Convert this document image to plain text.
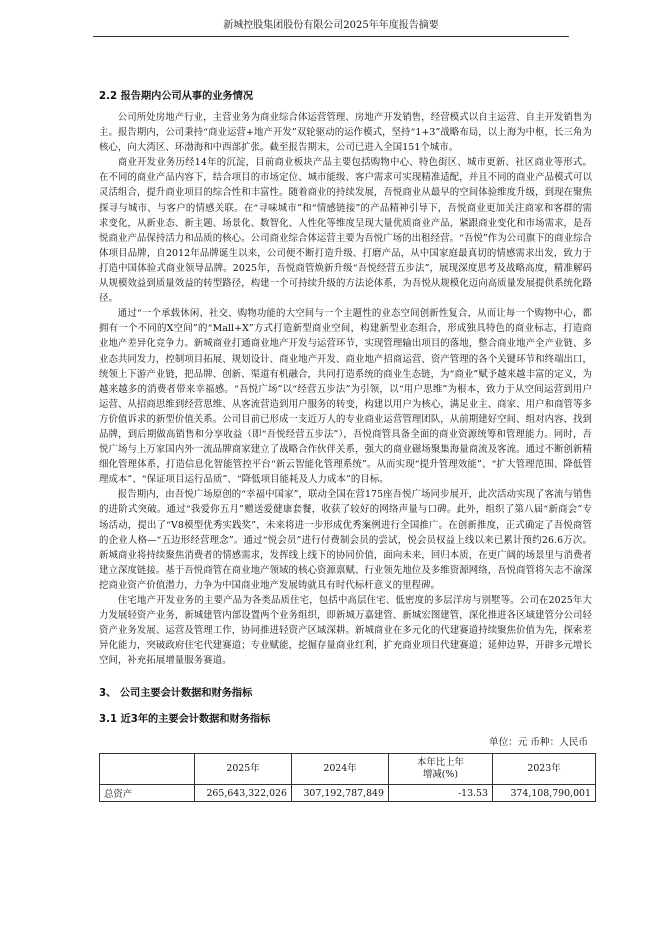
新城控股集团股份有限公司2025年年度报告摘要
2.2 报告期内公司从事的业务情况

公司所处房地产行业，主营业务为商业综合体运营管理、房地产开发销售，经营模式以自主运营、自主开发销售为主。报告期内，公司秉持“商业运营+地产开发”双轮驱动的运作模式，坚持“1+3”战略布局，以上海为中枢，长三角为核心，向大湾区、环渤海和中西部扩张。截至报告期末，公司已进入全国151个城市。

商业开发业务历经14年的沉淀，目前商业板块产品主要包括购物中心、特色街区、城市更新、社区商业等形式。在不同的商业产品内容下，结合项目的市场定位、城市能级、客户需求可实现精准适配，并且不同的商业产品模式可以灵活组合，提升商业项目的综合性和丰富性。随着商业的持续发展，吾悦商业从最早的空间体验维度升级，到现在聚焦探寻与城市、与客户的情感关联。在“寻味城市”和“情感链接”的产品精神引导下，吾悦商业更加关注商家和客群的需求变化，从新业态、新主题、场景化、数智化、人性化等维度呈现大量优质商业产品，紧跟商业变化和市场需求，是吾悦商业产品保持活力和品质的核心。公司商业综合体运营主要为吾悦广场的出租经营。“吾悦”作为公司旗下的商业综合体项目品牌，自2012年品牌诞生以来，公司便不断打造升级、打磨产品，从中国家庭最真切的情感需求出发，致力于打造中国体验式商业领导品牌。2025年，吾悦商管焕新升级“吾悦经营五步法”，展现深度思考及战略高度，精准解码从规模效益到质量效益的转型路径，构建一个可持续升级的方法论体系，为吾悦从规模化迈向高质量发展提供系统化路径。

通过“一个承载休闲、社交、购物功能的大空间与一个主题性的业态空间创新性复合，从而让每一个购物中心，都拥有一个不同的X空间”的“Mall+X”方式打造新型商业空间，构建新型业态组合，形成独具特色的商业标志，打造商业地产差异化竞争力。新城商业打通商业地产开发与运营环节，实现管理输出项目的落地，整合商业地产全产业链、多业态共同发力，控制项目拓展、规划设计、商业地产开发、商业地产招商运营、资产管理的各个关键环节和终端出口，统领上下游产业链，把品牌、创新、渠道有机融合，共同打造系统的商业生态链，为“商业”赋予越来越丰富的定义，为越来越多的消费者带来幸福感。“吾悦广场”以“经营五步法”为引领，以“用户思维”为根本，致力于从空间运营到用户运营、从招商思维到经营思维、从客流营造到用户服务的转变，构建以用户为核心，满足业主、商家、用户和商管等多方价值诉求的新型价值关系。公司目前已形成一支近万人的专业商业运营管理团队，从前期建好空间、组对内容、找到品牌，到后期做高销售和分享收益（即“吾悦经营五步法”），吾悦商管具备全面的商业资源统筹和管理能力。同时，吾悦广场与上万家国内外一流品牌商家建立了战略合作伙伴关系，强大的商业磁场聚集海量商流及客流。通过不断创新精细化管理体系，打造信息化智能管控平台“新云智能化管理系统”。从而实现“提升管理效能”、“扩大管理范围、降低管理成本”、“保证项目运行品质”、“降低项目能耗及人力成本”的目标。

报告期内，由吾悦广场原创的“幸福中国家”，联动全国在营175座吾悦广场同步展开，此次活动实现了客流与销售的进阶式突破。通过“我爱你五月”赠送爱健康套餐，收获了较好的网络声量与口碑。此外，组织了第八届“新商会”专场活动，提出了“V8模型优秀实践奖”，未来将进一步形成优秀案例进行全国推广。在创新推度，正式确定了吾悦商管的企业人格—“五边形经营理念”。通过“悦会员”进行付费制会员的尝试，悦会员权益上线以来已累计预约26.6万次。新城商业将持续聚焦消费者的情感需求，发挥线上线下的协同价值，面向未来，回归本质，在更广阔的场景里与消费者建立深度链接。基于吾悦商管在商业地产领域的核心资源禀赋、行业领先地位及多维资源网络，吾悦商管将矢志不渝深挖商业资产价值潜力，力争为中国商业地产发展铸就具有时代标杆意义的里程碑。

住宅地产开发业务的主要产品为各类品质住宅，包括中高层住宅、低密度的多层洋房与别墅等。公司在2025年大力发展轻资产业务，新城建管内部设置两个业务组织，即新城万嘉建管、新城宏图建管，深化推进各区域建管分公司轻资产业务发展、运营及管理工作，协同推进轻资产区域深耕。新城商业在多元化的代建赛道持续聚焦价值为先，探索差异化能力，突破政府住宅代建赛道；专业赋能，挖掘存量商业红利，扩充商业项目代建赛道；延伸边界，开辟多元增长空间，补充拓展增量服务赛道。

3、 公司主要会计数据和财务指标
3.1 近3年的主要会计数据和财务指标
单位：元 币种：人民币
	2025年	2024年	本年比上年
增减(%)	2023年
总资产	265,643,322,026	307,192,787,849	-13.53	374,108,790,001
